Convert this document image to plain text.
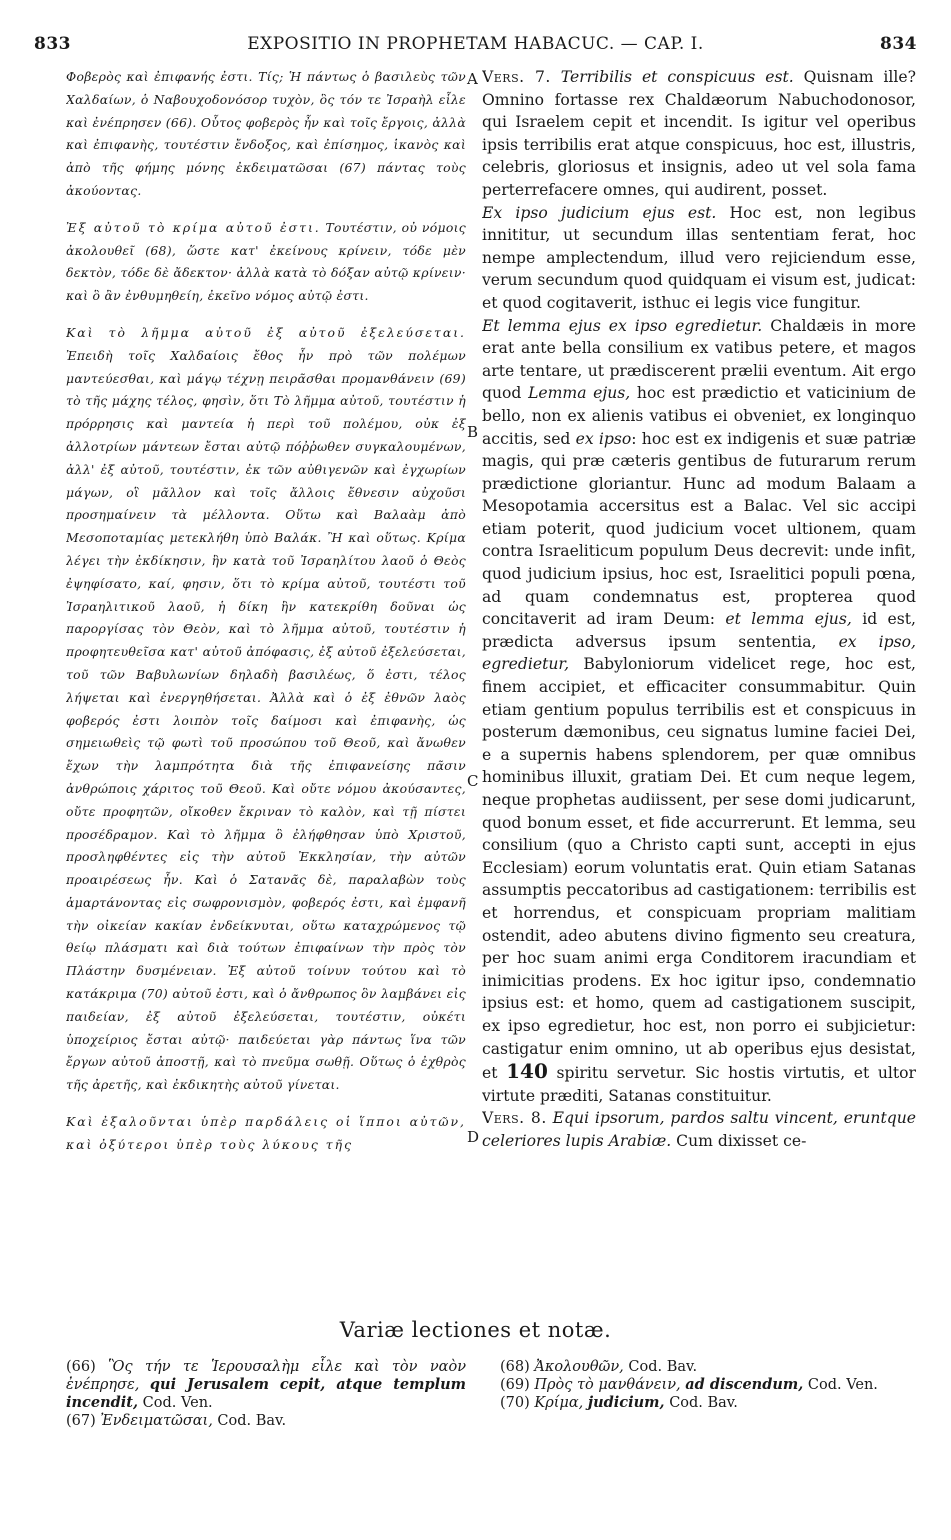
833	EXPOSITIO IN PROPHETAM HABACUC. — CAP. I.	834
A
B
C
D

Φοβερὸς καὶ ἐπιφανής ἐστι. Τίς; Ἡ πάντως ὁ βασιλεὺς τῶν Χαλδαίων, ὁ Ναβουχοδονόσορ τυχὸν, ὃς τόν τε Ἰσραὴλ εἷλε καὶ ἐνέπρησεν (66). Οὗτος φοβερὸς ἦν καὶ τοῖς ἔργοις, ἀλλὰ καὶ ἐπιφανὴς, τουτέστιν ἔνδοξος, καὶ ἐπίσημος, ἱκανὸς καὶ ἀπὸ τῆς φήμης μόνης ἐκδειματῶσαι (67) πάντας τοὺς ἀκούοντας.

Ἐξ αὐτοῦ τὸ κρίμα αὐτοῦ ἐστι. Τουτέστιν, οὐ νόμοις ἀκολουθεῖ (68), ὥστε κατ' ἐκείνους κρίνειν, τόδε μὲν δεκτὸν, τόδε δὲ ἄδεκτον· ἀλλὰ κατὰ τὸ δόξαν αὐτῷ κρίνειν· καὶ ὃ ἂν ἐνθυμηθείη, ἐκεῖνο νόμος αὐτῷ ἐστι.

Καὶ τὸ λῆμμα αὐτοῦ ἐξ αὐτοῦ ἐξελεύσεται. Ἐπειδὴ τοῖς Χαλδαίοις ἔθος ἦν πρὸ τῶν πολέμων μαντεύεσθαι, καὶ μάγῳ τέχνῃ πειρᾶσθαι προμανθάνειν (69) τὸ τῆς μάχης τέλος, φησὶν, ὅτι Τὸ λῆμμα αὐτοῦ, τουτέστιν ἡ πρόρρησις καὶ μαντεία ἡ περὶ τοῦ πολέμου, οὐκ ἐξ ἀλλοτρίων μάντεων ἔσται αὐτῷ πόῤῥωθεν συγκαλουμένων, ἀλλ' ἐξ αὐτοῦ, τουτέστιν, ἐκ τῶν αὐθιγενῶν καὶ ἐγχωρίων μάγων, οἳ μᾶλλον καὶ τοῖς ἄλλοις ἔθνεσιν αὐχοῦσι προσημαίνειν τὰ μέλλοντα. Οὕτω καὶ Βαλαὰμ ἀπὸ Μεσοποταμίας μετεκλήθη ὑπὸ Βαλάκ. Ἢ καὶ οὕτως. Κρίμα λέγει τὴν ἐκδίκησιν, ἣν κατὰ τοῦ Ἰσραηλίτου λαοῦ ὁ Θεὸς ἐψηφίσατο, καί, φησιν, ὅτι τὸ κρίμα αὐτοῦ, τουτέστι τοῦ Ἰσραηλιτικοῦ λαοῦ, ἡ δίκη ἣν κατεκρίθη δοῦναι ὡς παροργίσας τὸν Θεὸν, καὶ τὸ λῆμμα αὐτοῦ, τουτέστιν ἡ προφητευθεῖσα κατ' αὐτοῦ ἀπόφασις, ἐξ αὐτοῦ ἐξελεύσεται, τοῦ τῶν Βαβυλωνίων δηλαδὴ βασιλέως, ὅ ἐστι, τέλος λήψεται καὶ ἐνεργηθήσεται. Ἀλλὰ καὶ ὁ ἐξ ἐθνῶν λαὸς φοβερός ἐστι λοιπὸν τοῖς δαίμοσι καὶ ἐπιφανὴς, ὡς σημειωθεὶς τῷ φωτὶ τοῦ προσώπου τοῦ Θεοῦ, καὶ ἄνωθεν ἔχων τὴν λαμπρότητα διὰ τῆς ἐπιφανείσης πᾶσιν ἀνθρώποις χάριτος τοῦ Θεοῦ. Καὶ οὔτε νόμου ἀκούσαντες, οὔτε προφητῶν, οἴκοθεν ἔκριναν τὸ καλὸν, καὶ τῇ πίστει προσέδραμον. Καὶ τὸ λῆμμα ὃ ἐλήφθησαν ὑπὸ Χριστοῦ, προσληφθέντες εἰς τὴν αὐτοῦ Ἐκκλησίαν, τὴν αὐτῶν προαιρέσεως ἦν. Καὶ ὁ Σατανᾶς δὲ, παραλαβὼν τοὺς ἁμαρτάνοντας εἰς σωφρονισμὸν, φοβερός ἐστι, καὶ ἐμφανῆ τὴν οἰκείαν κακίαν ἐνδείκνυται, οὕτω καταχρώμενος τῷ θείῳ πλάσματι καὶ διὰ τούτων ἐπιφαίνων τὴν πρὸς τὸν Πλάστην δυσμένειαν. Ἐξ αὐτοῦ τοίνυν τούτου καὶ τὸ κατάκριμα (70) αὐτοῦ ἐστι, καὶ ὁ ἄνθρωπος ὃν λαμβάνει εἰς παιδείαν, ἐξ αὐτοῦ ἐξελεύσεται, τουτέστιν, οὐκέτι ὑποχείριος ἔσται αὐτῷ· παιδεύεται γὰρ πάντως ἵνα τῶν ἔργων αὐτοῦ ἀποστῇ, καὶ τὸ πνεῦμα σωθῇ. Οὕτως ὁ ἐχθρὸς τῆς ἀρετῆς, καὶ ἐκδικητὴς αὐτοῦ γίνεται.

Καὶ ἐξαλοῦνται ὑπὲρ παρδάλεις οἱ ἵπποι αὐτῶν, καὶ ὀξύτεροι ὑπὲρ τοὺς λύκους τῆς

Vers. 7. Terribilis et conspicuus est. Quisnam ille? Omnino fortasse rex Chaldæorum Nabuchodonosor, qui Israelem cepit et incendit. Is igitur vel operibus ipsis terribilis erat atque conspicuus, hoc est, illustris, celebris, gloriosus et insignis, adeo ut vel sola fama perterrefacere omnes, qui audirent, posset.

Ex ipso judicium ejus est. Hoc est, non legibus innititur, ut secundum illas sententiam ferat, hoc nempe amplectendum, illud vero rejiciendum esse, verum secundum quod quidquam ei visum est, judicat: et quod cogitaverit, isthuc ei legis vice fungitur.

Et lemma ejus ex ipso egredietur. Chaldæis in more erat ante bella consilium ex vatibus petere, et magos arte tentare, ut prædiscerent prælii eventum. Ait ergo quod Lemma ejus, hoc est prædictio et vaticinium de bello, non ex alienis vatibus ei obveniet, ex longinquo accitis, sed ex ipso: hoc est ex indigenis et suæ patriæ magis, qui præ cæteris gentibus de futurarum rerum prædictione gloriantur. Hunc ad modum Balaam a Mesopotamia accersitus est a Balac. Vel sic accipi etiam poterit, quod judicium vocet ultionem, quam contra Israeliticum populum Deus decrevit: unde infit, quod judicium ipsius, hoc est, Israelitici populi pœna, ad quam condemnatus est, propterea quod concitaverit ad iram Deum: et lemma ejus, id est, prædicta adversus ipsum sententia, ex ipso, egredietur, Babyloniorum videlicet rege, hoc est, finem accipiet, et efficaciter consummabitur. Quin etiam gentium populus terribilis est et conspicuus in posterum dæmonibus, ceu signatus lumine faciei Dei, e a supernis habens splendorem, per quæ omnibus hominibus illuxit, gratiam Dei. Et cum neque legem, neque prophetas audiissent, per sese domi judicarunt, quod bonum esset, et fide accurrerunt. Et lemma, seu consilium (quo a Christo capti sunt, accepti in ejus Ecclesiam) eorum voluntatis erat. Quin etiam Satanas assumptis peccatoribus ad castigationem: terribilis est et horrendus, et conspicuam propriam malitiam ostendit, adeo abutens divino figmento seu creatura, per hoc suam animi erga Conditorem iracundiam et inimicitias prodens. Ex hoc igitur ipso, condemnatio ipsius est: et homo, quem ad castigationem suscipit, ex ipso egredietur, hoc est, non porro ei subjicietur: castigatur enim omnino, ut ab operibus ejus desistat, et 140 spiritu servetur. Sic hostis virtutis, et ultor virtute præditi, Satanas constituitur.

Vers. 8. Equi ipsorum, pardos saltu vincent, eruntque celeriores lupis Arabiæ. Cum dixisset ce-

Variæ lectiones et notæ.

(66) Ὃς τήν τε Ἱερουσαλὴμ εἷλε καὶ τὸν ναὸν ἐνέπρησε, qui Jerusalem cepit, atque templum incendit, Cod. Ven.

(67) Ἐνδειματῶσαι, Cod. Bav.

(68) Ἀκολουθῶν, Cod. Bav.

(69) Πρὸς τὸ μανθάνειν, ad discendum, Cod. Ven.

(70) Κρίμα, judicium, Cod. Bav.
